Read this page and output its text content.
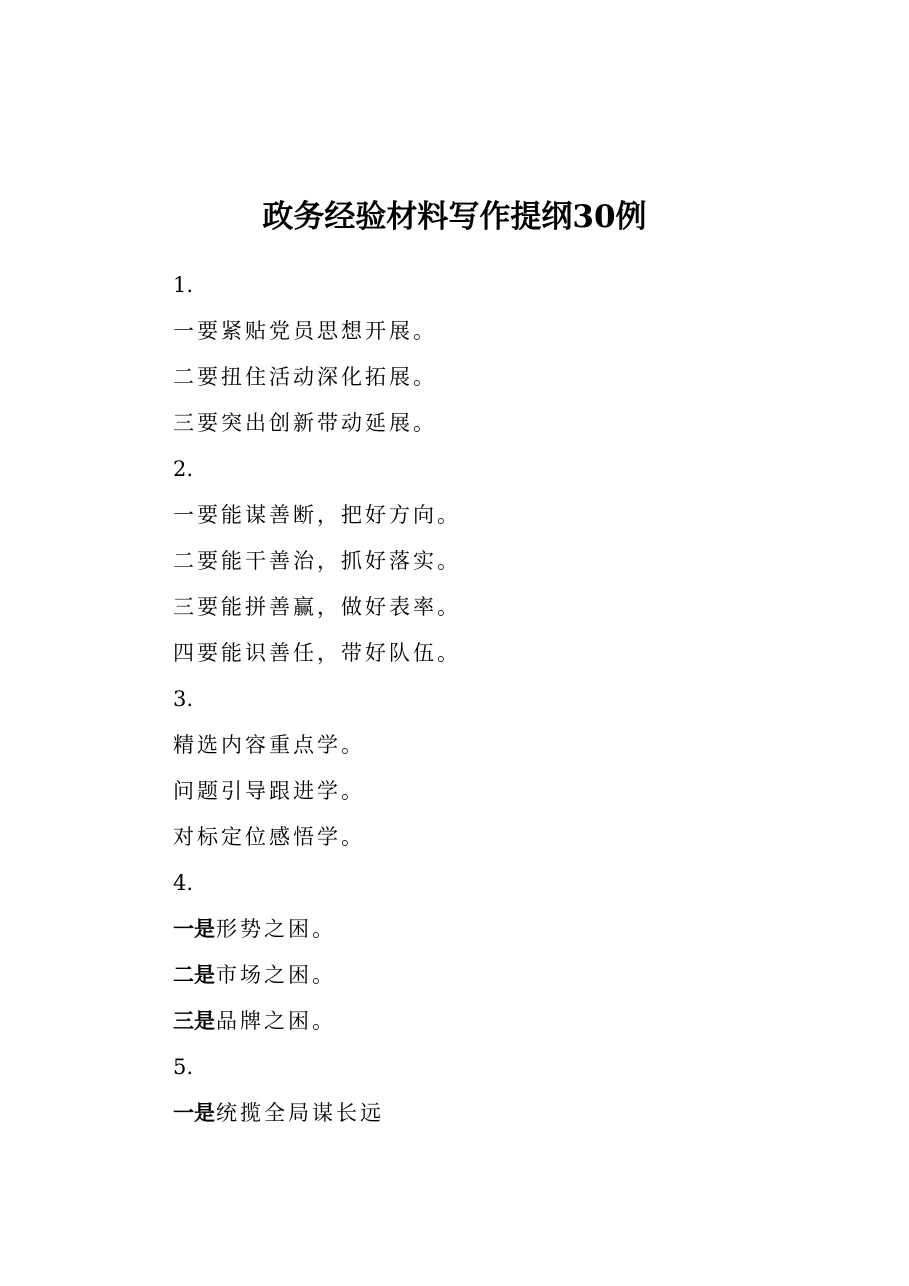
政务经验材料写作提纲30例
1.
一要紧贴党员思想开展。
二要扭住活动深化拓展。
三要突出创新带动延展。
2.
一要能谋善断，把好方向。
二要能干善治，抓好落实。
三要能拼善赢，做好表率。
四要能识善任，带好队伍。
3.
精选内容重点学。
问题引导跟进学。
对标定位感悟学。
4.
一是形势之困。
二是市场之困。
三是品牌之困。
5.
一是统揽全局谋长远
